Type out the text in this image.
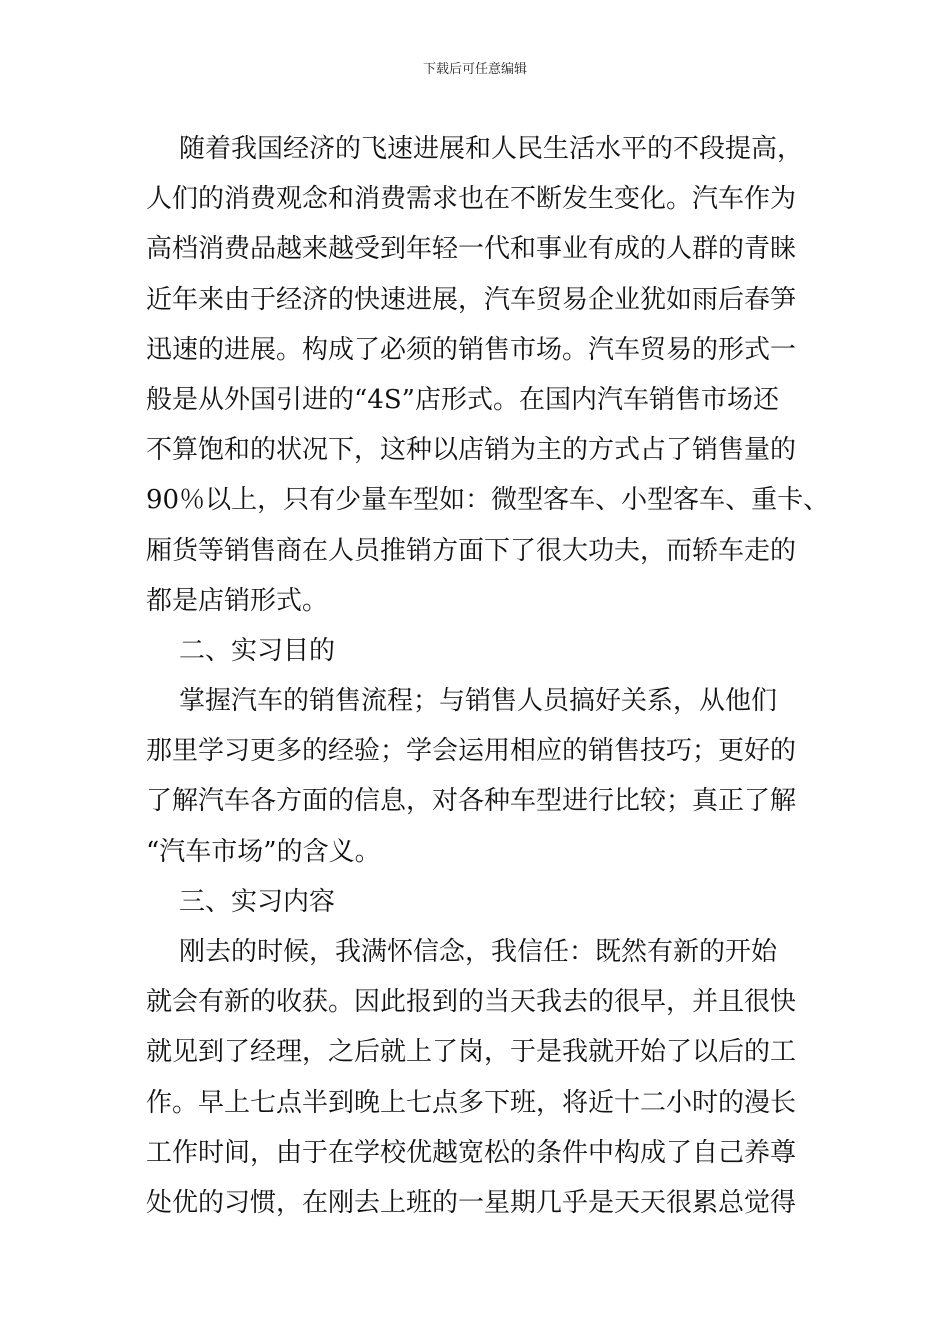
下载后可任意编辑
随着我国经济的飞速进展和人民生活水平的不段提高，
人们的消费观念和消费需求也在不断发生变化。汽车作为
高档消费品越来越受到年轻一代和事业有成的人群的青睐
近年来由于经济的快速进展，汽车贸易企业犹如雨后春笋
迅速的进展。构成了必须的销售市场。汽车贸易的形式一
般是从外国引进的“4S”店形式。在国内汽车销售市场还
不算饱和的状况下，这种以店销为主的方式占了销售量的
90％以上，只有少量车型如：微型客车、小型客车、重卡、
厢货等销售商在人员推销方面下了很大功夫，而轿车走的
都是店销形式。
二、实习目的
掌握汽车的销售流程；与销售人员搞好关系，从他们
那里学习更多的经验；学会运用相应的销售技巧；更好的
了解汽车各方面的信息，对各种车型进行比较；真正了解
“汽车市场”的含义。
三、实习内容
刚去的时候，我满怀信念，我信任：既然有新的开始
就会有新的收获。因此报到的当天我去的很早，并且很快
就见到了经理，之后就上了岗，于是我就开始了以后的工
作。早上七点半到晚上七点多下班，将近十二小时的漫长
工作时间，由于在学校优越宽松的条件中构成了自己养尊
处优的习惯，在刚去上班的一星期几乎是天天很累总觉得
